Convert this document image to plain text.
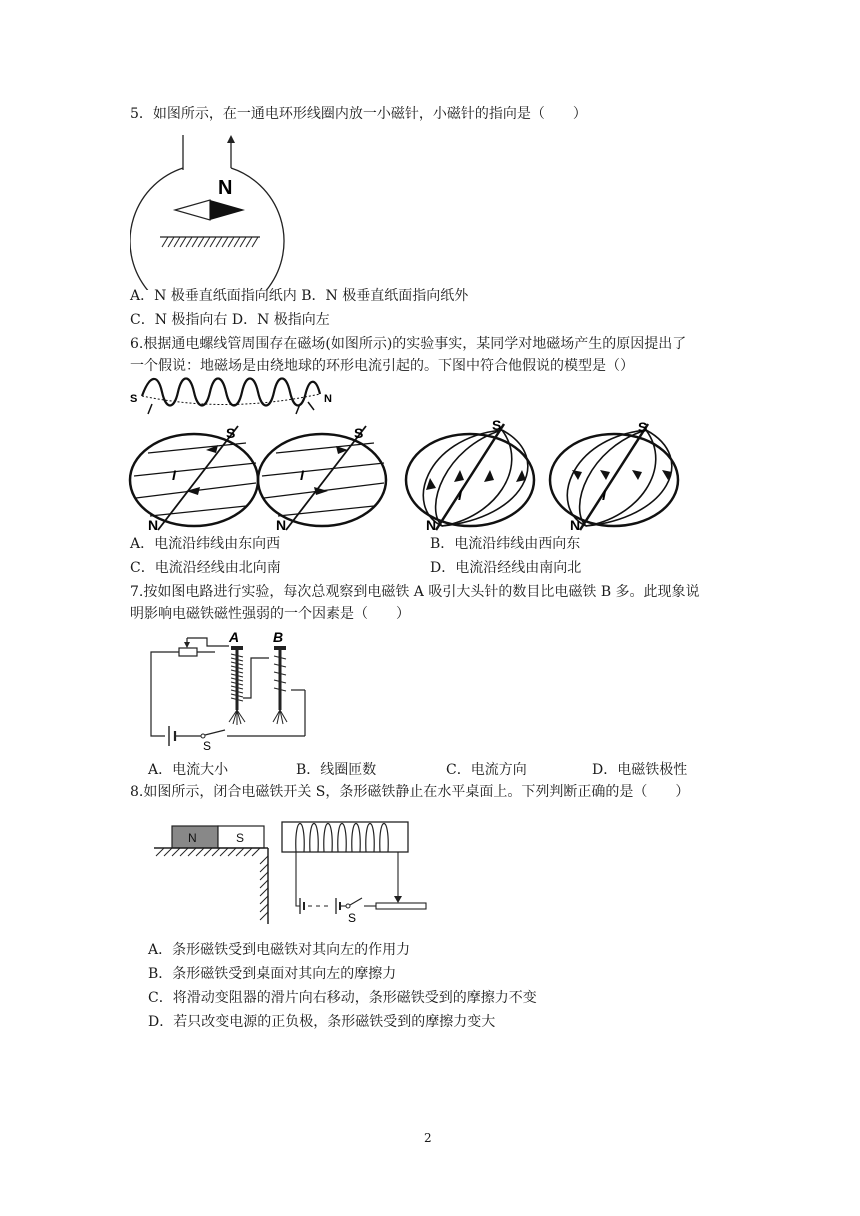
5．如图所示，在一通电环形线圈内放一小磁针，小磁针的指向是（　　）
N
A．N 极垂直纸面指向纸内 B．N 极垂直纸面指向纸外
C．N 极指向右 D．N 极指向左
6.根据通电螺线管周围存在磁场(如图所示)的实验事实，某同学对地磁场产生的原因提出了
一个假说：地磁场是由绕地球的环形电流引起的。下图中符合他假说的模型是（）
S	N
S
N
I
S
N
I
S
N
I
S
N
I
A．电流沿纬线由东向西	B．电流沿纬线由西向东
C．电流沿经线由北向南	D．电流沿经线由南向北
7.按如图电路进行实验，每次总观察到电磁铁 A 吸引大头针的数目比电磁铁 B 多。此现象说
明影响电磁铁磁性强弱的一个因素是（　　）
S
A B
A．电流大小	B．线圈匝数	C．电流方向	D．电磁铁极性
8.如图所示，闭合电磁铁开关 S，条形磁铁静止在水平桌面上。下列判断正确的是（　　）
N	S
S
A．条形磁铁受到电磁铁对其向左的作用力
B．条形磁铁受到桌面对其向左的摩擦力
C．将滑动变阻器的滑片向右移动，条形磁铁受到的摩擦力不变
D．若只改变电源的正负极，条形磁铁受到的摩擦力变大
2
